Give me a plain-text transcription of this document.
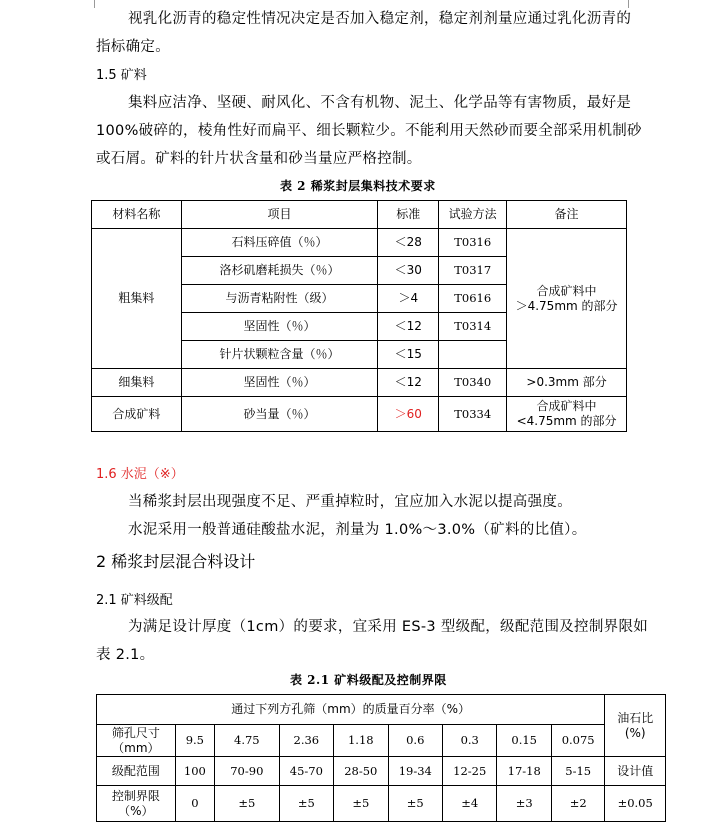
视乳化沥青的稳定性情况决定是否加入稳定剂，稳定剂剂量应通过乳化沥青的
指标确定。
1.5 矿料
集料应洁净、坚硬、耐风化、不含有机物、泥土、化学品等有害物质，最好是
100%破碎的，棱角性好而扁平、细长颗粒少。不能利用天然砂而要全部采用机制砂
或石屑。矿料的针片状含量和砂当量应严格控制。
表 2 稀浆封层集料技术要求
材料名称	项目	标准	试验方法	备注
粗集料	石料压碎值（％）	＜28	T0316	合成矿料中
＞4.75mm 的部分

	洛杉矶磨耗损失（％）	＜30	T0317	
	与沥青粘附性（级）	＞4	T0616	
	坚固性（％）	＜12	T0314	
	针片状颗粒含量（％）	＜15		
细集料	坚固性（％）	＜12	T0340	>0.3mm 部分
合成矿料	砂当量（％）	＞60	T0334	合成矿料中
<4.75mm 的部分
1.6 水泥（※）
当稀浆封层出现强度不足、严重掉粒时，宜应加入水泥以提高强度。
水泥采用一般普通硅酸盐水泥，剂量为 1.0%～3.0%（矿料的比值）。
2 稀浆封层混合料设计
2.1 矿料级配
为满足设计厚度（1cm）的要求，宜采用 ES-3 型级配，级配范围及控制界限如
表 2.1。
表 2.1 矿料级配及控制界限
通过下列方孔筛（mm）的质量百分率（%）									油石比
(%)

筛孔尺寸
（mm）	9.5	4.75	2.36	1.18	0.6	0.3	0.15	0.075	
级配范围	100	70-90	45-70	28-50	19-34	12-25	17-18	5-15	设计值

控制界限
（%）	0	±5	±5	±5	±5	±4	±3	±2	±0.05
